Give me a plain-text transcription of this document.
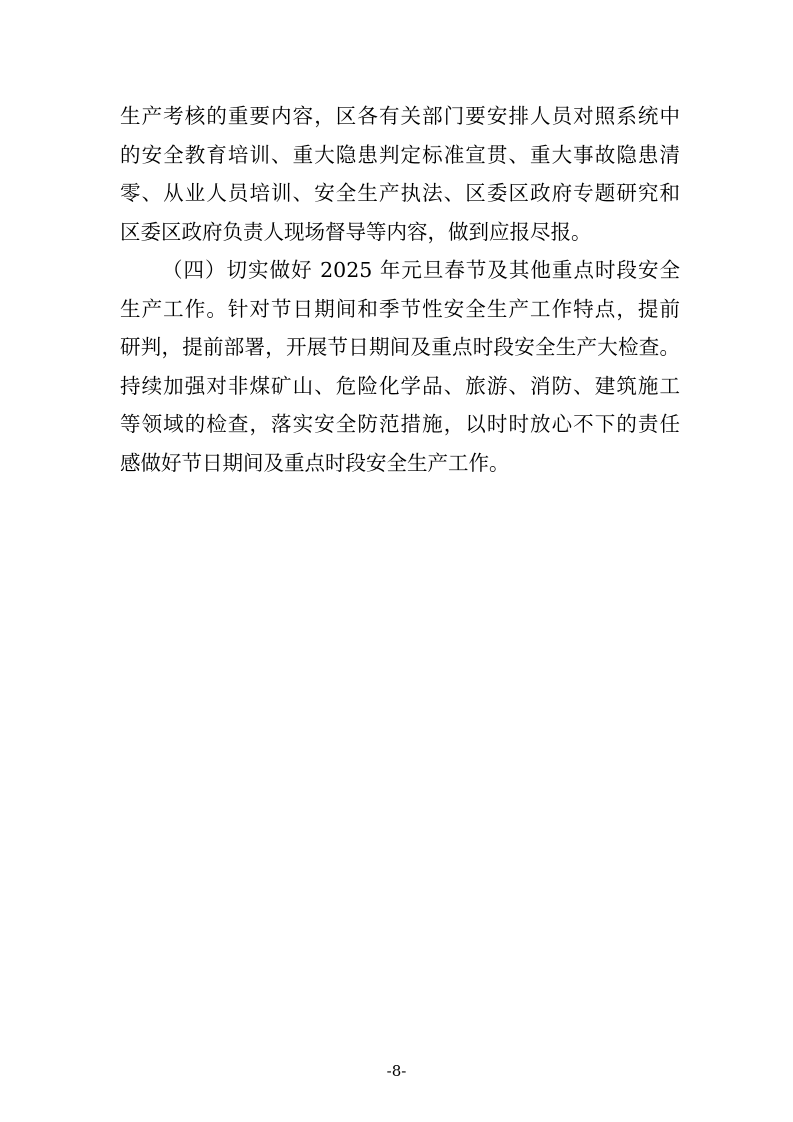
生产考核的重要内容，区各有关部门要安排人员对照系统中
的安全教育培训、重大隐患判定标准宣贯、重大事故隐患清
零、从业人员培训、安全生产执法、区委区政府专题研究和
区委区政府负责人现场督导等内容，做到应报尽报。
（四）切实做好 2025 年元旦春节及其他重点时段安全
生产工作。针对节日期间和季节性安全生产工作特点，提前
研判，提前部署，开展节日期间及重点时段安全生产大检查。
持续加强对非煤矿山、危险化学品、旅游、消防、建筑施工
等领域的检查，落实安全防范措施，以时时放心不下的责任
感做好节日期间及重点时段安全生产工作。
-8-
